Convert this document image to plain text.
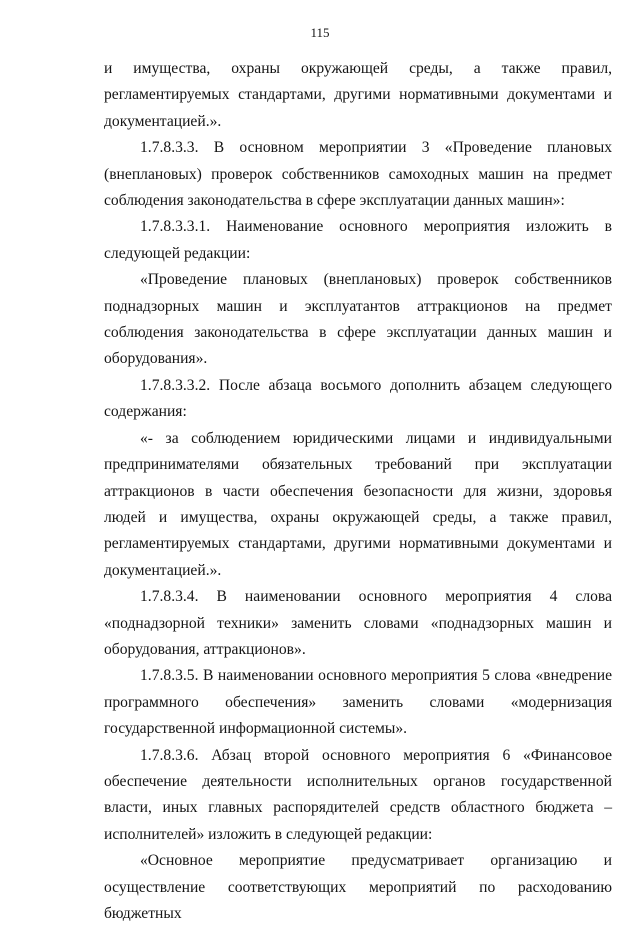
115

и имущества, охраны окружающей среды, а также правил, регламентируемых стандартами, другими нормативными документами и документацией.».

1.7.8.3.3. В основном мероприятии 3 «Проведение плановых (внеплановых) проверок собственников самоходных машин на предмет соблюдения законодательства в сфере эксплуатации данных машин»:

1.7.8.3.3.1. Наименование основного мероприятия изложить в следующей редакции:

«Проведение плановых (внеплановых) проверок собственников поднадзорных машин и эксплуатантов аттракционов на предмет соблюдения законодательства в сфере эксплуатации данных машин и оборудования».

1.7.8.3.3.2. После абзаца восьмого дополнить абзацем следующего содержания:

«- за соблюдением юридическими лицами и индивидуальными предпринимателями обязательных требований при эксплуатации аттракционов в части обеспечения безопасности для жизни, здоровья людей и имущества, охраны окружающей среды, а также правил, регламентируемых стандартами, другими нормативными документами и документацией.».

1.7.8.3.4. В наименовании основного мероприятия 4 слова «поднадзорной техники» заменить словами «поднадзорных машин и оборудования, аттракционов».

1.7.8.3.5. В наименовании основного мероприятия 5 слова «внедрение программного обеспечения» заменить словами «модернизация государственной информационной системы».

1.7.8.3.6. Абзац второй основного мероприятия 6 «Финансовое обеспечение деятельности исполнительных органов государственной власти, иных главных распорядителей средств областного бюджета – исполнителей» изложить в следующей редакции:

«Основное мероприятие предусматривает организацию и осуществление соответствующих мероприятий по расходованию бюджетных
